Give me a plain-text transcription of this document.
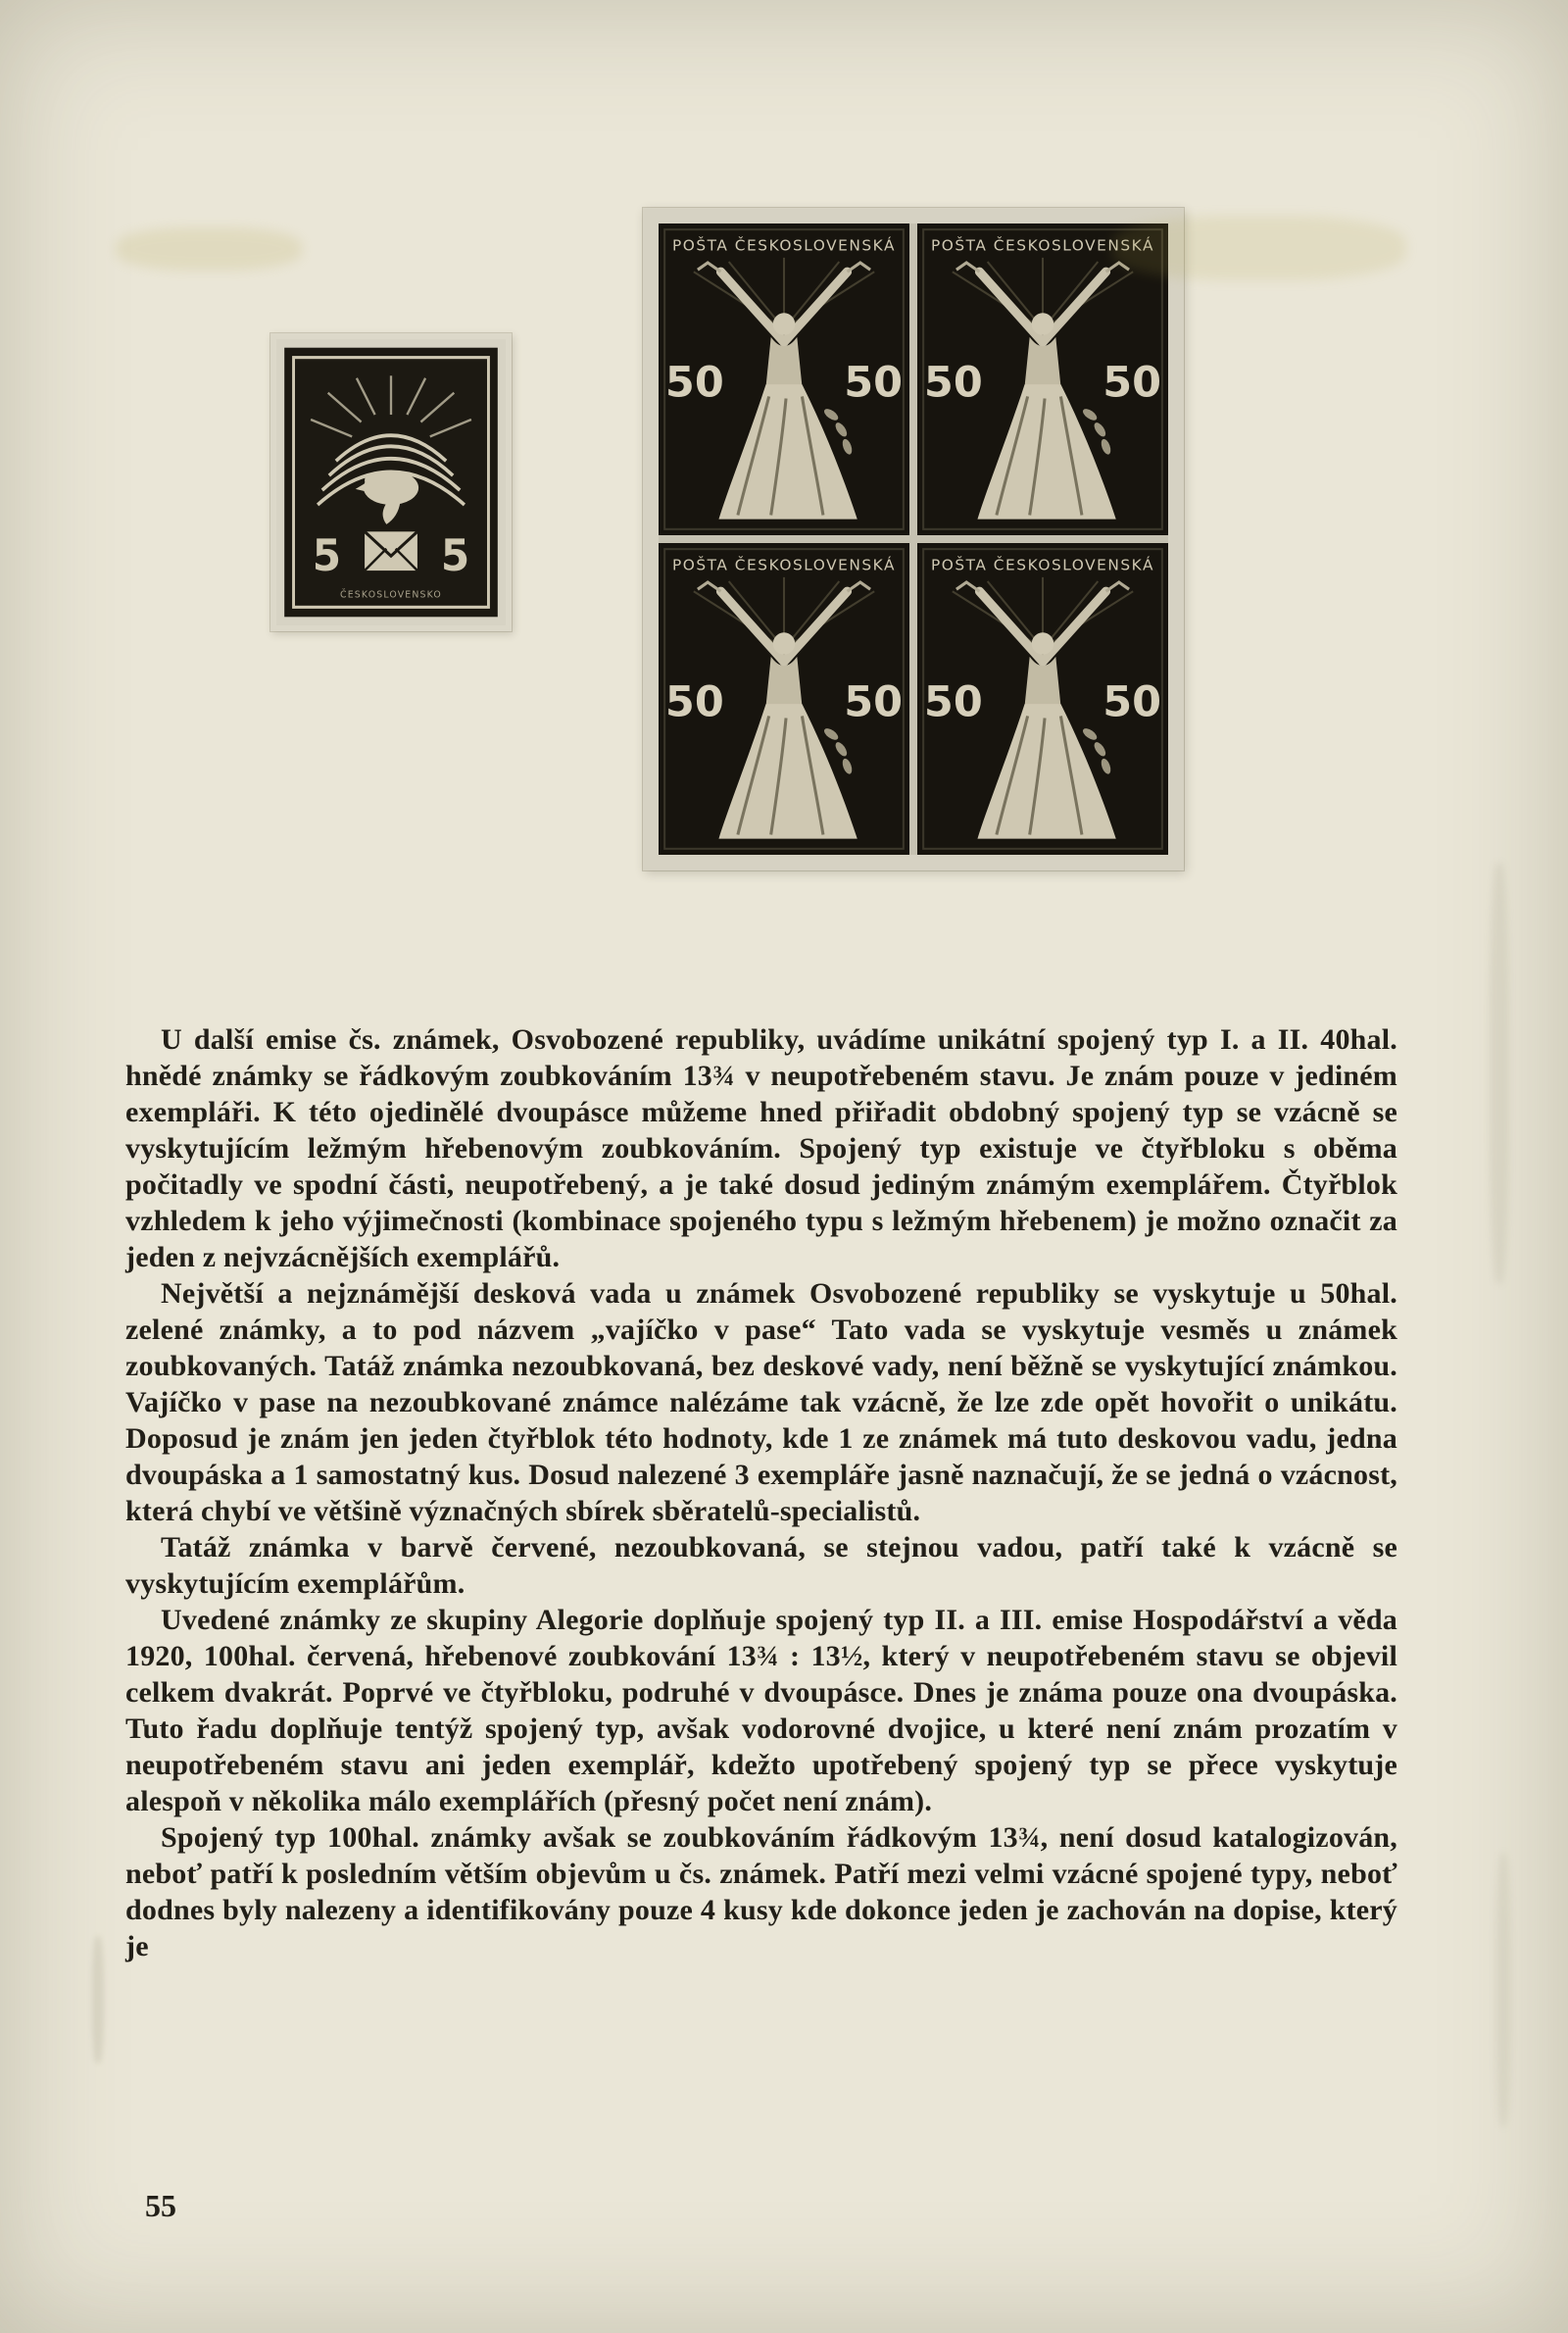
5	5
ČESKOSLOVENSKO
POŠTA ČESKOSLOVENSKÁ
50	50
POŠTA ČESKOSLOVENSKÁ
50	50
POŠTA ČESKOSLOVENSKÁ
50	50
POŠTA ČESKOSLOVENSKÁ
50	50

U další emise čs. známek, Osvobozené republiky, uvádíme unikátní spojený typ I. a II. 40hal. hnědé známky se řádkovým zoubkováním 13¾ v neupotřebeném stavu. Je znám pouze v jediném exempláři. K této ojedinělé dvoupásce můžeme hned přiřadit obdobný spojený typ se vzácně se vyskytujícím ležmým hřebenovým zoubkováním. Spojený typ existuje ve čtyřbloku s oběma počitadly ve spodní části, neupotřebený, a je také dosud jediným známým exemplářem. Čtyřblok vzhledem k jeho výjimečnosti (kombinace spojeného typu s ležmým hřebenem) je možno označit za jeden z nejvzácnějších exemplářů.

Největší a nejznámější desková vada u známek Osvobozené republiky se vyskytuje u 50hal. zelené známky, a to pod názvem „vajíčko v pase“ Tato vada se vyskytuje vesměs u známek zoubkovaných. Tatáž známka nezoubkovaná, bez deskové vady, není běžně se vyskytující známkou. Vajíčko v pase na nezoubkované známce nalézáme tak vzácně, že lze zde opět hovořit o unikátu. Doposud je znám jen jeden čtyřblok této hodnoty, kde 1 ze známek má tuto deskovou vadu, jedna dvoupáska a 1 samostatný kus. Dosud nalezené 3 exempláře jasně naznačují, že se jedná o vzácnost, která chybí ve většině význačných sbírek sběratelů-specialistů.

Tatáž známka v barvě červené, nezoubkovaná, se stejnou vadou, patří také k vzácně se vyskytujícím exemplářům.

Uvedené známky ze skupiny Alegorie doplňuje spojený typ II. a III. emise Hospodářství a věda 1920, 100hal. červená, hřebenové zoubkování 13¾ : 13½, který v neupotřebeném stavu se objevil celkem dvakrát. Poprvé ve čtyřbloku, podruhé v dvoupásce. Dnes je známa pouze ona dvoupáska. Tuto řadu doplňuje tentýž spojený typ, avšak vodorovné dvojice, u které není znám prozatím v neupotřebeném stavu ani jeden exemplář, kdežto upotřebený spojený typ se přece vyskytuje alespoň v několika málo exemplářích (přesný počet není znám).

Spojený typ 100hal. známky avšak se zoubkováním řádkovým 13¾, není dosud katalogizován, neboť patří k posledním větším objevům u čs. známek. Patří mezi velmi vzácné spojené typy, neboť dodnes byly nalezeny a identifikovány pouze 4 kusy kde dokonce jeden je zachován na dopise, který je

55
